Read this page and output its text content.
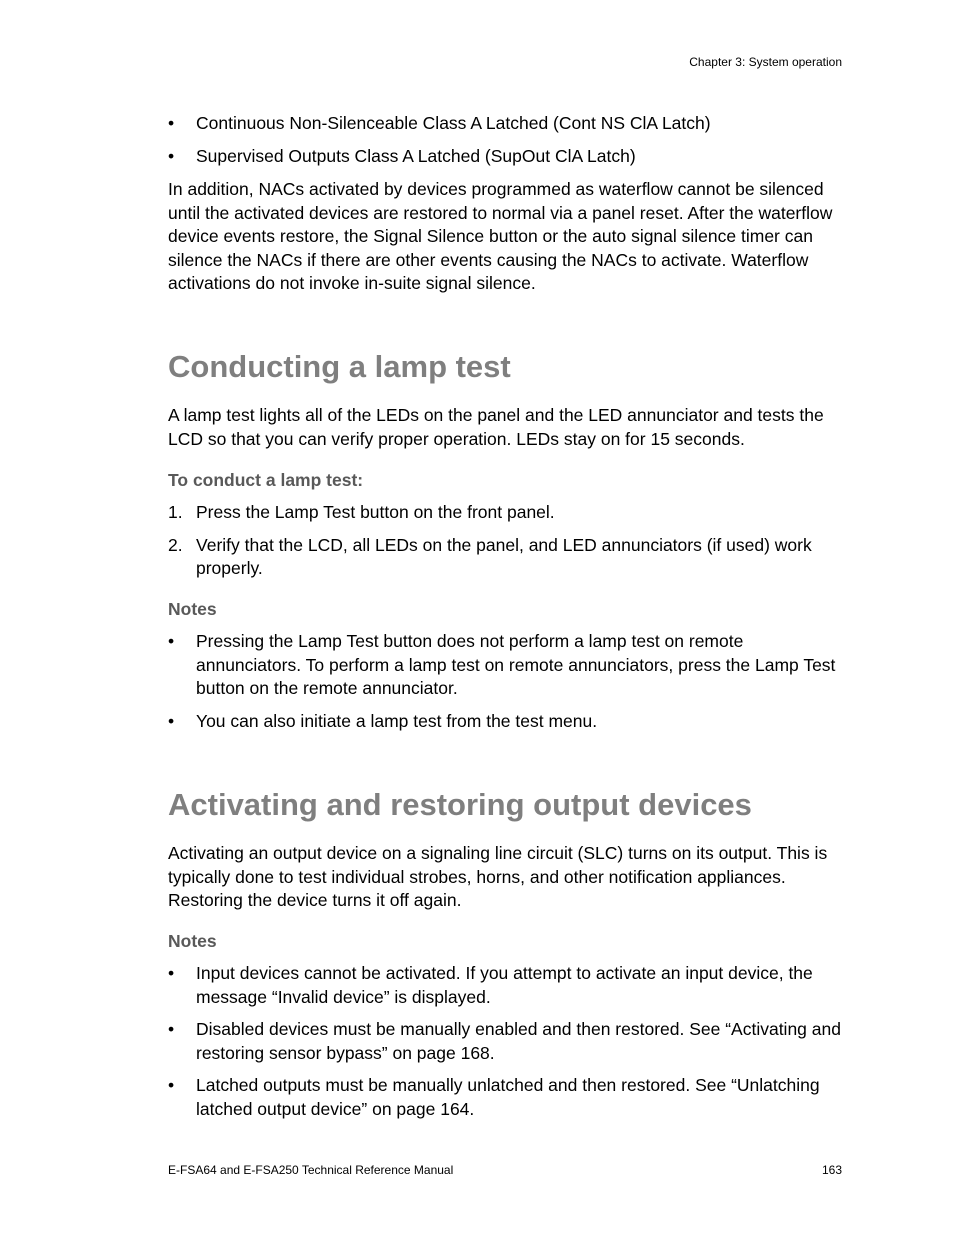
Chapter 3: System operation
• Continuous Non-Silenceable Class A Latched (Cont NS ClA Latch)
• Supervised Outputs Class A Latched (SupOut ClA Latch)

In addition, NACs activated by devices programmed as waterflow cannot be silenced until the activated devices are restored to normal via a panel reset. After the waterflow device events restore, the Signal Silence button or the auto signal silence timer can silence the NACs if there are other events causing the NACs to activate. Waterflow activations do not invoke in-suite signal silence.

Conducting a lamp test

A lamp test lights all of the LEDs on the panel and the LED annunciator and tests the LCD so that you can verify proper operation. LEDs stay on for 15 seconds.

To conduct a lamp test:
1. Press the Lamp Test button on the front panel.
2. Verify that the LCD, all LEDs on the panel, and LED annunciators (if used) work properly.
Notes
• Pressing the Lamp Test button does not perform a lamp test on remote annunciators. To perform a lamp test on remote annunciators, press the Lamp Test button on the remote annunciator.
• You can also initiate a lamp test from the test menu.
Activating and restoring output devices

Activating an output device on a signaling line circuit (SLC) turns on its output. This is typically done to test individual strobes, horns, and other notification appliances. Restoring the device turns it off again.

Notes
• Input devices cannot be activated. If you attempt to activate an input device, the message “Invalid device” is displayed.
• Disabled devices must be manually enabled and then restored. See “Activating and restoring sensor bypass” on page 168.
• Latched outputs must be manually unlatched and then restored. See “Unlatching latched output device” on page 164.
E-FSA64 and E-FSA250 Technical Reference Manual	163
